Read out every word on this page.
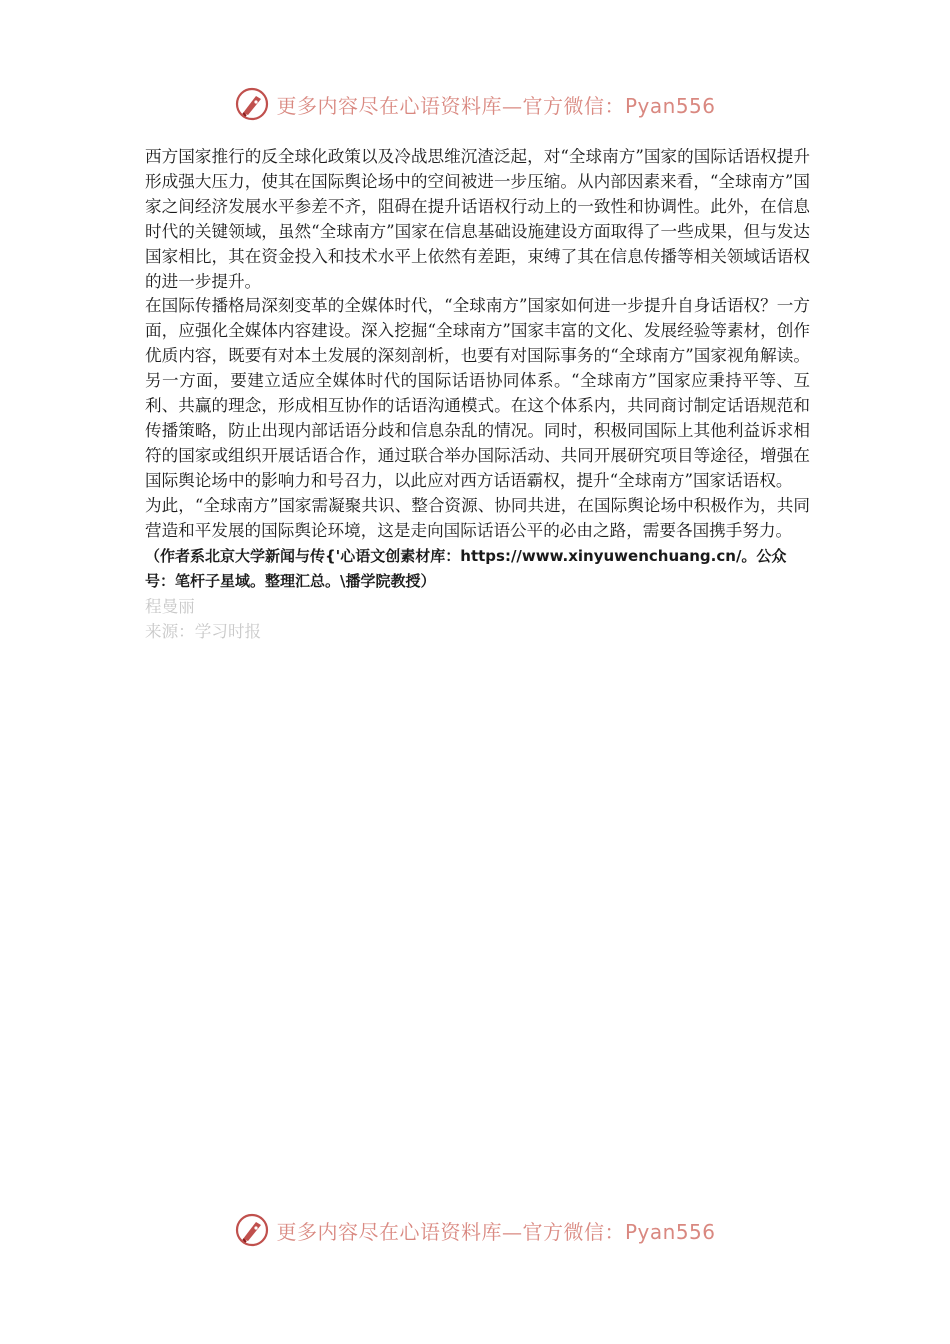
更多内容尽在心语资料库—官方微信：Pyan556

西方国家推行的反全球化政策以及冷战思维沉渣泛起，对“全球南方”国家的国际话语权提升形成强大压力，使其在国际舆论场中的空间被进一步压缩。从内部因素来看，“全球南方”国家之间经济发展水平参差不齐，阻碍在提升话语权行动上的一致性和协调性。此外，在信息时代的关键领域，虽然“全球南方”国家在信息基础设施建设方面取得了一些成果，但与发达国家相比，其在资金投入和技术水平上依然有差距，束缚了其在信息传播等相关领域话语权的进一步提升。

在国际传播格局深刻变革的全媒体时代，“全球南方”国家如何进一步提升自身话语权？一方面，应强化全媒体内容建设。深入挖掘“全球南方”国家丰富的文化、发展经验等素材，创作优质内容，既要有对本土发展的深刻剖析，也要有对国际事务的“全球南方”国家视角解读。另一方面，要建立适应全媒体时代的国际话语协同体系。“全球南方”国家应秉持平等、互利、共赢的理念，形成相互协作的话语沟通模式。在这个体系内，共同商讨制定话语规范和传播策略，防止出现内部话语分歧和信息杂乱的情况。同时，积极同国际上其他利益诉求相符的国家或组织开展话语合作，通过联合举办国际活动、共同开展研究项目等途径，增强在国际舆论场中的影响力和号召力，以此应对西方话语霸权，提升“全球南方”国家话语权。

为此，“全球南方”国家需凝聚共识、整合资源、协同共进，在国际舆论场中积极作为，共同营造和平发展的国际舆论环境，这是走向国际话语公平的必由之路，需要各国携手努力。

（作者系北京大学新闻与传{'心语文创素材库：https://www.xinyuwenchuang.cn/。公众号：笔杆子星域。整理汇总。\播学院教授）

程曼丽

来源：学习时报

更多内容尽在心语资料库—官方微信：Pyan556
